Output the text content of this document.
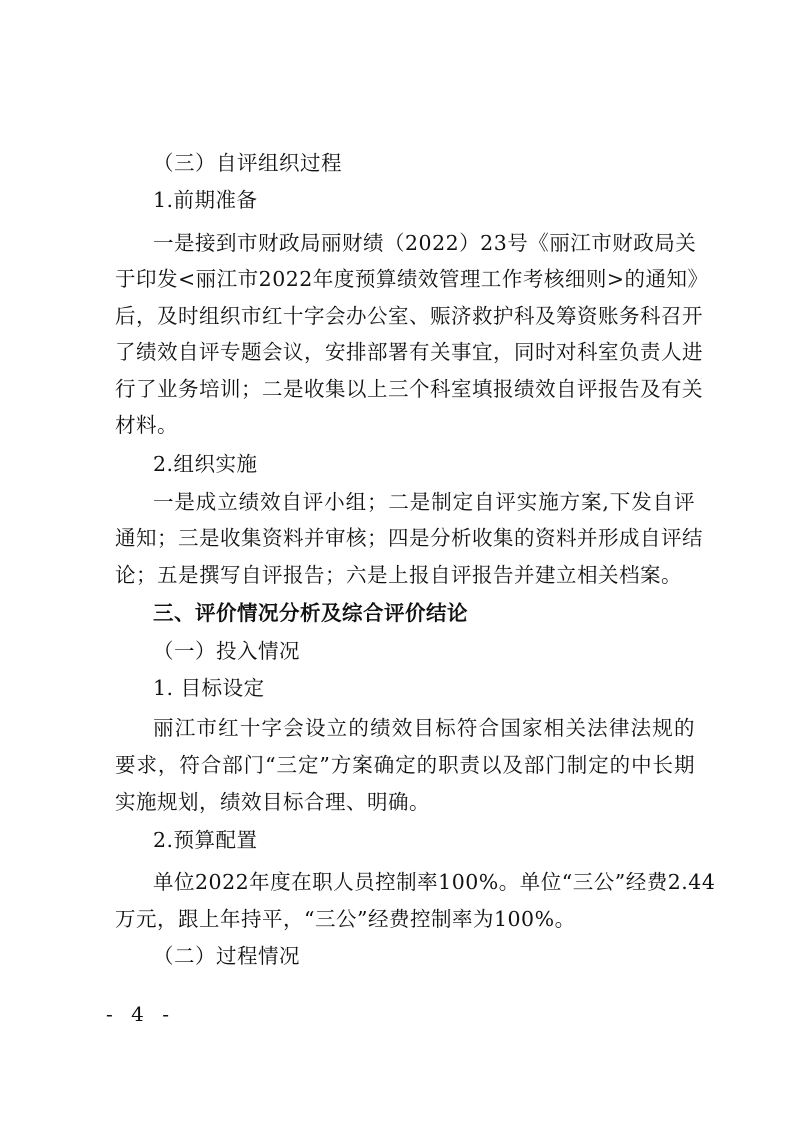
（三）自评组织过程
1.前期准备
一是接到市财政局丽财绩（2022）23号《丽江市财政局关
于印发<丽江市2022年度预算绩效管理工作考核细则>的通知》
后，及时组织市红十字会办公室、赈济救护科及筹资账务科召开
了绩效自评专题会议，安排部署有关事宜，同时对科室负责人进
行了业务培训；二是收集以上三个科室填报绩效自评报告及有关
材料。
2.组织实施
一是成立绩效自评小组；二是制定自评实施方案,下发自评
通知；三是收集资料并审核；四是分析收集的资料并形成自评结
论；五是撰写自评报告；六是上报自评报告并建立相关档案。
三、评价情况分析及综合评价结论
（一）投入情况
1. 目标设定
丽江市红十字会设立的绩效目标符合国家相关法律法规的
要求，符合部门“三定”方案确定的职责以及部门制定的中长期
实施规划，绩效目标合理、明确。
2.预算配置
单位2022年度在职人员控制率100%。单位“三公”经费2.44
万元，跟上年持平，“三公”经费控制率为100%。
（二）过程情况
- 4 -
